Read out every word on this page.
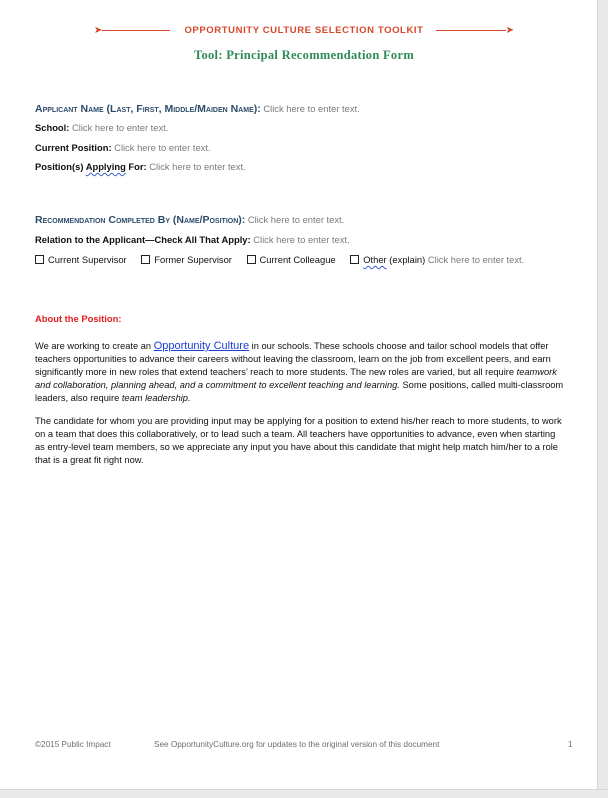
➤	OPPORTUNITY CULTURE SELECTION TOOLKIT	➤
Tool: Principal Recommendation Form
Applicant Name (Last, First, Middle/Maiden Name): Click here to enter text.
School: Click here to enter text.
Current Position: Click here to enter text.
Position(s) Applying For: Click here to enter text.
Recommendation Completed By (Name/Position): Click here to enter text.
Relation to the Applicant—Check All That Apply: Click here to enter text.
Current Supervisor	Former Supervisor	Current Colleague	Other (explain) Click here to enter text.
About the Position:
We are working to create an Opportunity Culture in our schools. These schools choose and tailor school models that offer teachers opportunities to advance their careers without leaving the classroom, learn on the job from excellent peers, and earn significantly more in new roles that extend teachers’ reach to more students. The new roles are varied, but all require teamwork and collaboration, planning ahead, and a commitment to excellent teaching and learning. Some positions, called multi-classroom leaders, also require team leadership.
The candidate for whom you are providing input may be applying for a position to extend his/her reach to more students, to work on a team that does this collaboratively, or to lead such a team. All teachers have opportunities to advance, even when starting as entry-level team members, so we appreciate any input you have about this candidate that might help match him/her to a role that is a great fit right now.
©2015 Public Impact	See OpportunityCulture.org for updates to the original version of this document	1
